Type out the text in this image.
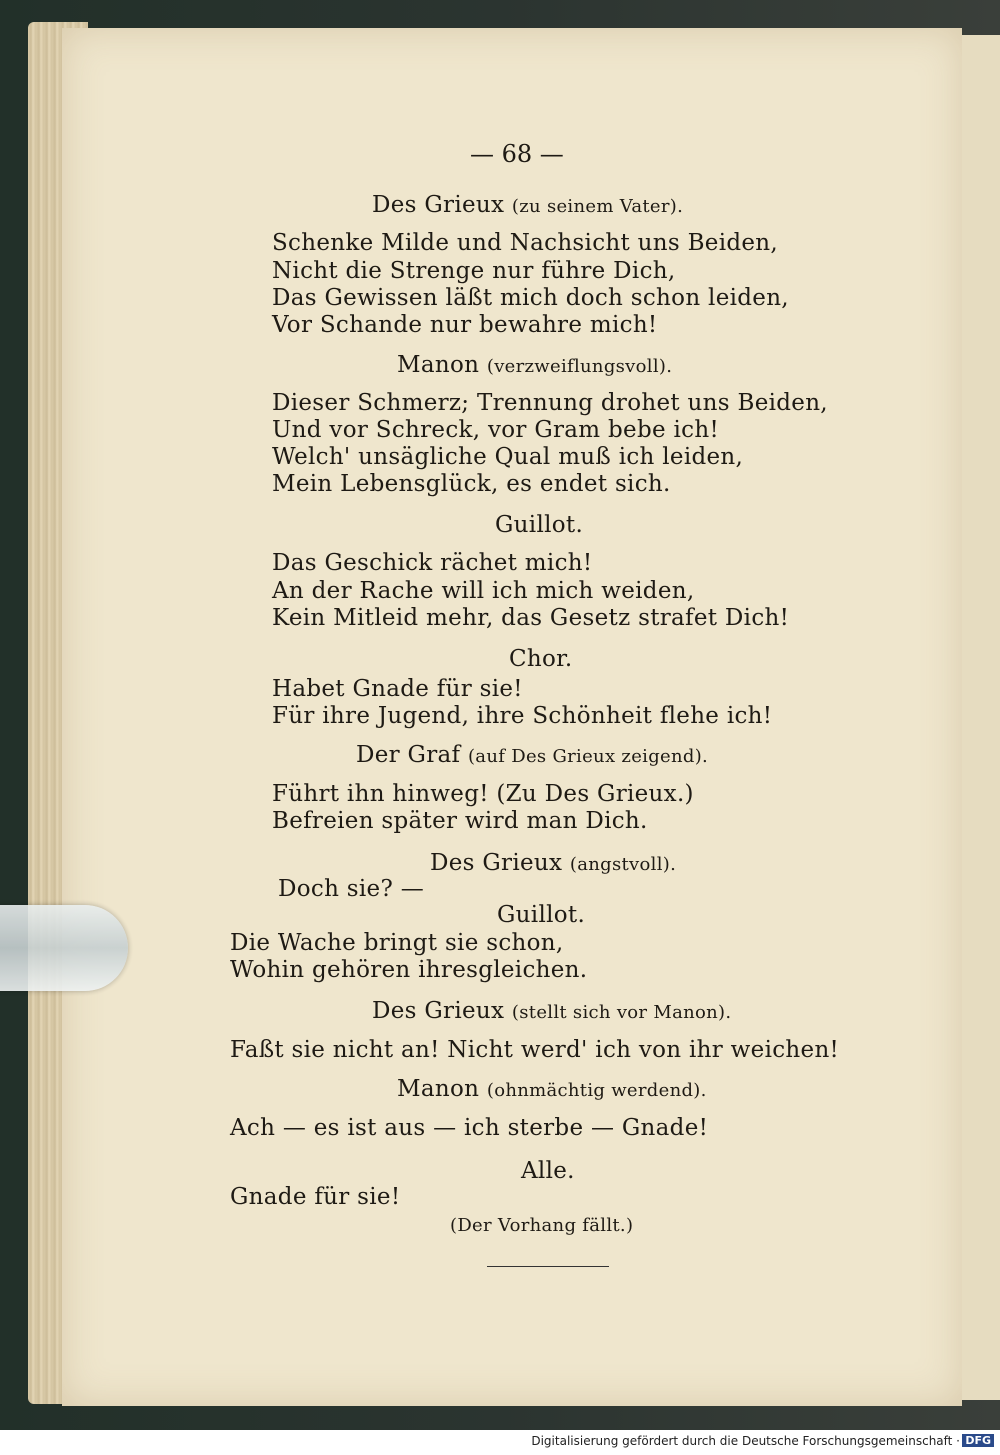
— 68 —
Des Grieux (zu seinem Vater).
Schenke Milde und Nachsicht uns Beiden,
Nicht die Strenge nur führe Dich,
Das Gewissen läßt mich doch schon leiden,
Vor Schande nur bewahre mich!
Manon (verzweiflungsvoll).
Dieser Schmerz; Trennung drohet uns Beiden,
Und vor Schreck, vor Gram bebe ich!
Welch' unsägliche Qual muß ich leiden,
Mein Lebensglück, es endet sich.
Guillot.
Das Geschick rächet mich!
An der Rache will ich mich weiden,
Kein Mitleid mehr, das Gesetz strafet Dich!
Chor.
Habet Gnade für sie!
Für ihre Jugend, ihre Schönheit flehe ich!
Der Graf (auf Des Grieux zeigend).
Führt ihn hinweg! (Zu Des Grieux.)
Befreien später wird man Dich.
Des Grieux (angstvoll).
Doch sie? —
Guillot.
Die Wache bringt sie schon,
Wohin gehören ihresgleichen.
Des Grieux (stellt sich vor Manon).
Faßt sie nicht an! Nicht werd' ich von ihr weichen!
Manon (ohnmächtig werdend).
Ach — es ist aus — ich sterbe — Gnade!
Alle.
Gnade für sie!
(Der Vorhang fällt.)
Digitalisierung gefördert durch die Deutsche Forschungsgemeinschaft · DFG
